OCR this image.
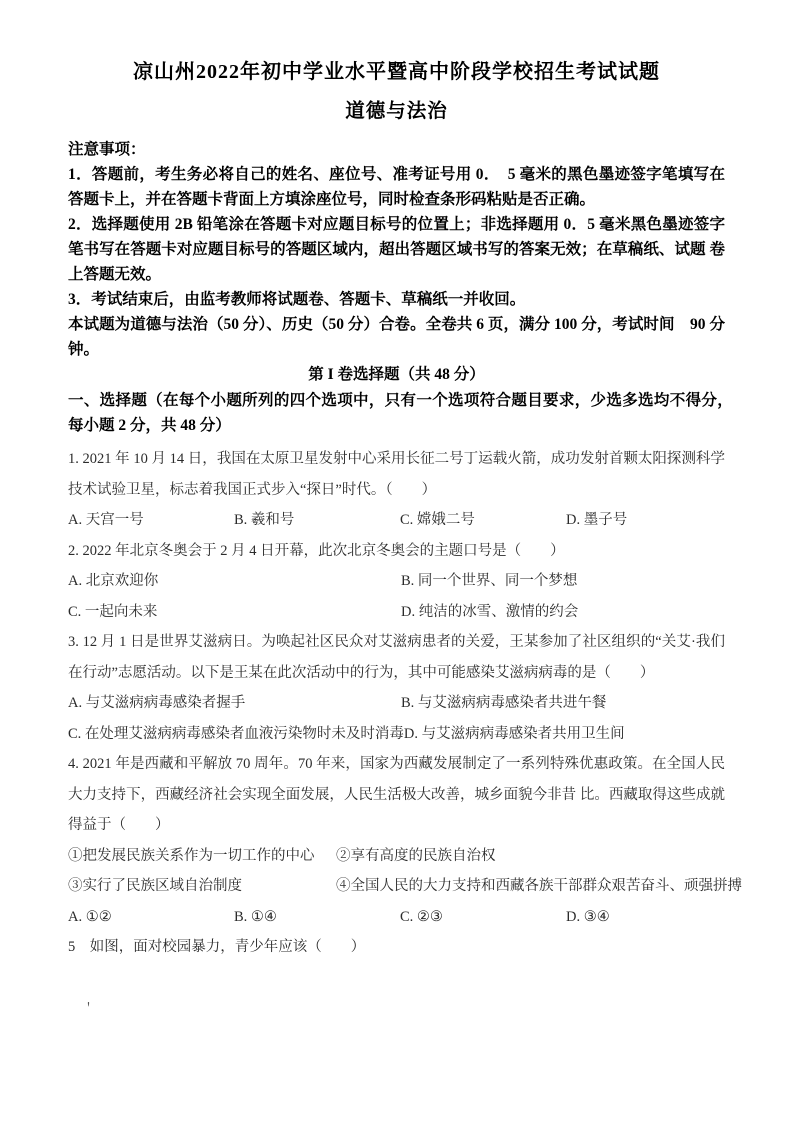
凉山州2022年初中学业水平暨高中阶段学校招生考试试题
道德与法治

注意事项：

1．答题前，考生务必将自己的姓名、座位号、准考证号用 0．　5 毫米的黑色墨迹签字笔填写在答题卡上，并在答题卡背面上方填涂座位号，同时检查条形码粘贴是否正确。

2．选择题使用 2B 铅笔涂在答题卡对应题目标号的位置上；非选择题用 0．5 毫米黑色墨迹签字笔书写在答题卡对应题目标号的答题区域内，超出答题区域书写的答案无效；在草稿纸、试题 卷上答题无效。

3．考试结束后，由监考教师将试题卷、答题卡、草稿纸一并收回。

本试题为道德与法治（50 分）、历史（50 分）合卷。全卷共 6 页，满分 100 分，考试时间　90 分钟。

第 I 卷选择题（共 48 分）

一、选择题（在每个小题所列的四个选项中，只有一个选项符合题目要求，少选多选均不得分，　每小题 2 分，共 48 分）

1. 2021 年 10 月 14 日，我国在太原卫星发射中心采用长征二号丁运载火箭，成功发射首颗太阳探测科学技术试验卫星，标志着我国正式步入“探日”时代。（　　）

A. 天宫一号	B. 羲和号	C. 嫦娥二号	D. 墨子号

2. 2022 年北京冬奥会于 2 月 4 日开幕，此次北京冬奥会的主题口号是（　　）

A. 北京欢迎你	B. 同一个世界、同一个梦想
C. 一起向未来	D. 纯洁的冰雪、激情的约会

3. 12 月 1 日是世界艾滋病日。为唤起社区民众对艾滋病患者的关爱，王某参加了社区组织的“关艾·我们在行动”志愿活动。以下是王某在此次活动中的行为，其中可能感染艾滋病病毒的是（　　）

A. 与艾滋病病毒感染者握手	B. 与艾滋病病毒感染者共进午餐

C. 在处理艾滋病病毒感染者血液污染物时未及时消毒D. 与艾滋病病毒感染者共用卫生间

4. 2021 年是西藏和平解放 70 周年。70 年来，国家为西藏发展制定了一系列特殊优惠政策。在全国人民大力支持下，西藏经济社会实现全面发展，人民生活极大改善，城乡面貌今非昔 比。西藏取得这些成就得益于（　　）

①把发展民族关系作为一切工作的中心	②享有高度的民族自治权
③实行了民族区域自治制度	④全国人民的大力支持和西藏各族干部群众艰苦奋斗、顽强拼搏
A. ①②	B. ①④	C. ②③	D. ③④

5　如图，面对校园暴力，青少年应该（　　）

＇
